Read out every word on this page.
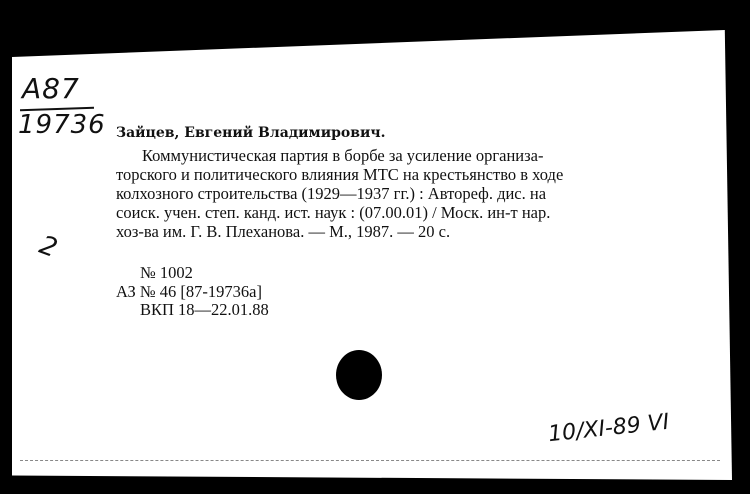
A87
19736
2
Зайцев, Евгений Владимирович.
Коммунистическая партия в борбе за усиление организа-
торского и политического влияния МТС на крестьянство в ходе
колхозного строительства (1929—1937 гг.) : Автореф. дис. на
соиск. учен. степ. канд. ист. наук : (07.00.01) / Моск. ин-т нар.
хоз-ва им. Г. В. Плеханова. — М., 1987. — 20 с.
№ 1002
АЗ № 46 [87-19736а]
ВКП 18—22.01.88
10/XI-89 VI
